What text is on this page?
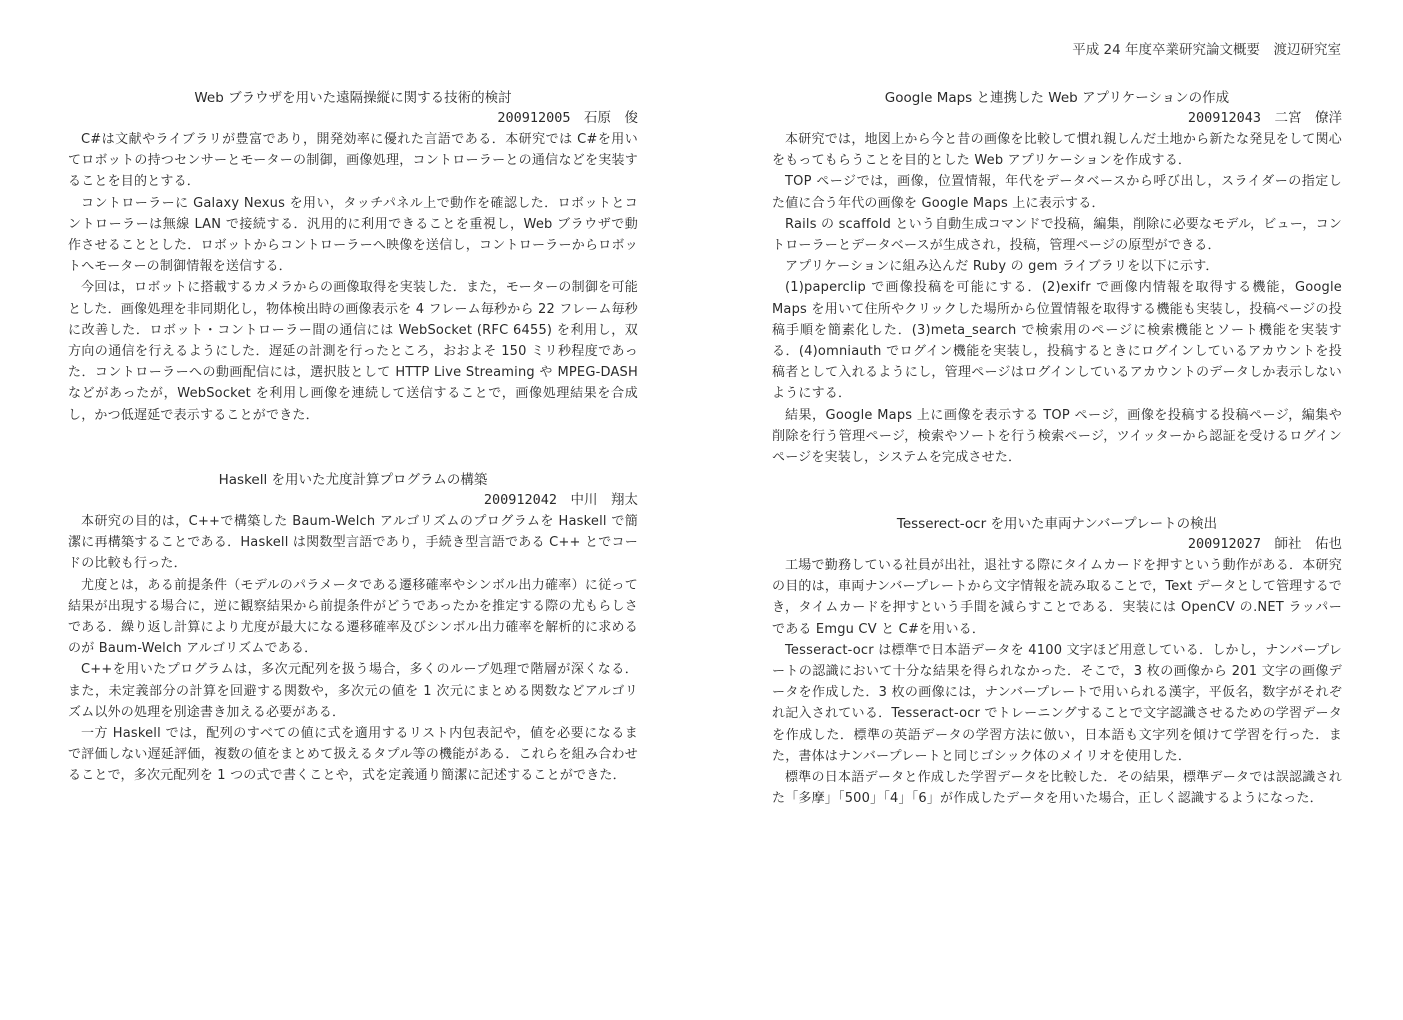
平成 24 年度卒業研究論文概要　渡辺研究室
Web ブラウザを用いた遠隔操縦に関する技術的検討

200912005　 石原　俊

C#は文献やライブラリが豊富であり，開発効率に優れた言語である．本研究では C#を用いてロボットの持つセンサーとモーターの制御，画像処理，コントローラーとの通信などを実装することを目的とする．

コントローラーに Galaxy Nexus を用い，タッチパネル上で動作を確認した．ロボットとコントローラーは無線 LAN で接続する．汎用的に利用できることを重視し，Web ブラウザで動作させることとした．ロボットからコントローラーへ映像を送信し，コントローラーからロボットへモーターの制御情報を送信する．

今回は，ロボットに搭載するカメラからの画像取得を実装した．また，モーターの制御を可能とした．画像処理を非同期化し，物体検出時の画像表示を 4 フレーム毎秒から 22 フレーム毎秒に改善した．ロボット・コントローラー間の通信には WebSocket (RFC 6455) を利用し，双方向の通信を行えるようにした．遅延の計測を行ったところ，おおよそ 150 ミリ秒程度であった．コントローラーへの動画配信には，選択肢として HTTP Live Streaming や MPEG-DASH などがあったが，WebSocket を利用し画像を連続して送信することで，画像処理結果を合成し，かつ低遅延で表示することができた．

Haskell を用いた尤度計算プログラムの構築

200912042　 中川　翔太

本研究の目的は，C++で構築した Baum-Welch アルゴリズムのプログラムを Haskell で簡潔に再構築することである．Haskell は関数型言語であり，手続き型言語である C++ とでコードの比較も行った．

尤度とは，ある前提条件（モデルのパラメータである遷移確率やシンボル出力確率）に従って結果が出現する場合に，逆に観察結果から前提条件がどうであったかを推定する際の尤もらしさである．繰り返し計算により尤度が最大になる遷移確率及びシンボル出力確率を解析的に求めるのが Baum-Welch アルゴリズムである．

C++を用いたプログラムは，多次元配列を扱う場合，多くのループ処理で階層が深くなる．また，未定義部分の計算を回避する関数や，多次元の値を 1 次元にまとめる関数などアルゴリズム以外の処理を別途書き加える必要がある．

一方 Haskell では，配列のすべての値に式を適用するリスト内包表記や，値を必要になるまで評価しない遅延評価，複数の値をまとめて扱えるタプル等の機能がある．これらを組み合わせることで，多次元配列を 1 つの式で書くことや，式を定義通り簡潔に記述することができた．

Google Maps と連携した Web アプリケーションの作成

200912043　 二宮　僚洋

本研究では，地図上から今と昔の画像を比較して慣れ親しんだ土地から新たな発見をして関心をもってもらうことを目的とした Web アプリケーションを作成する．

TOP ページでは，画像，位置情報，年代をデータベースから呼び出し，スライダーの指定した値に合う年代の画像を Google Maps 上に表示する．

Rails の scaffold という自動生成コマンドで投稿，編集，削除に必要なモデル，ビュー，コントローラーとデータベースが生成され，投稿，管理ページの原型ができる．

アプリケーションに組み込んだ Ruby の gem ライブラリを以下に示す．

(1)paperclip で画像投稿を可能にする．(2)exifr で画像内情報を取得する機能，Google Maps を用いて住所やクリックした場所から位置情報を取得する機能も実装し，投稿ページの投稿手順を簡素化した．(3)meta_search で検索用のページに検索機能とソート機能を実装する．(4)omniauth でログイン機能を実装し，投稿するときにログインしているアカウントを投稿者として入れるようにし，管理ページはログインしているアカウントのデータしか表示しないようにする．

結果，Google Maps 上に画像を表示する TOP ページ，画像を投稿する投稿ページ，編集や削除を行う管理ページ，検索やソートを行う検索ページ，ツイッターから認証を受けるログインページを実装し，システムを完成させた．

Tesserect-ocr を用いた車両ナンバープレートの検出

200912027　 師社　佑也

工場で勤務している社員が出社，退社する際にタイムカードを押すという動作がある．本研究の目的は，車両ナンバープレートから文字情報を読み取ることで，Text データとして管理するでき，タイムカードを押すという手間を減らすことである．実装には OpenCV の.NET ラッパーである Emgu CV と C#を用いる．

Tesseract-ocr は標準で日本語データを 4100 文字ほど用意している．しかし，ナンバープレートの認識において十分な結果を得られなかった．そこで，3 枚の画像から 201 文字の画像データを作成した．3 枚の画像には，ナンバープレートで用いられる漢字，平仮名，数字がそれぞれ記入されている．Tesseract-ocr でトレーニングすることで文字認識させるための学習データを作成した．標準の英語データの学習方法に倣い，日本語も文字列を傾けて学習を行った．また，書体はナンバープレートと同じゴシック体のメイリオを使用した．

標準の日本語データと作成した学習データを比較した．その結果，標準データでは誤認識された「多摩」「500」「4」「6」が作成したデータを用いた場合，正しく認識するようになった．
